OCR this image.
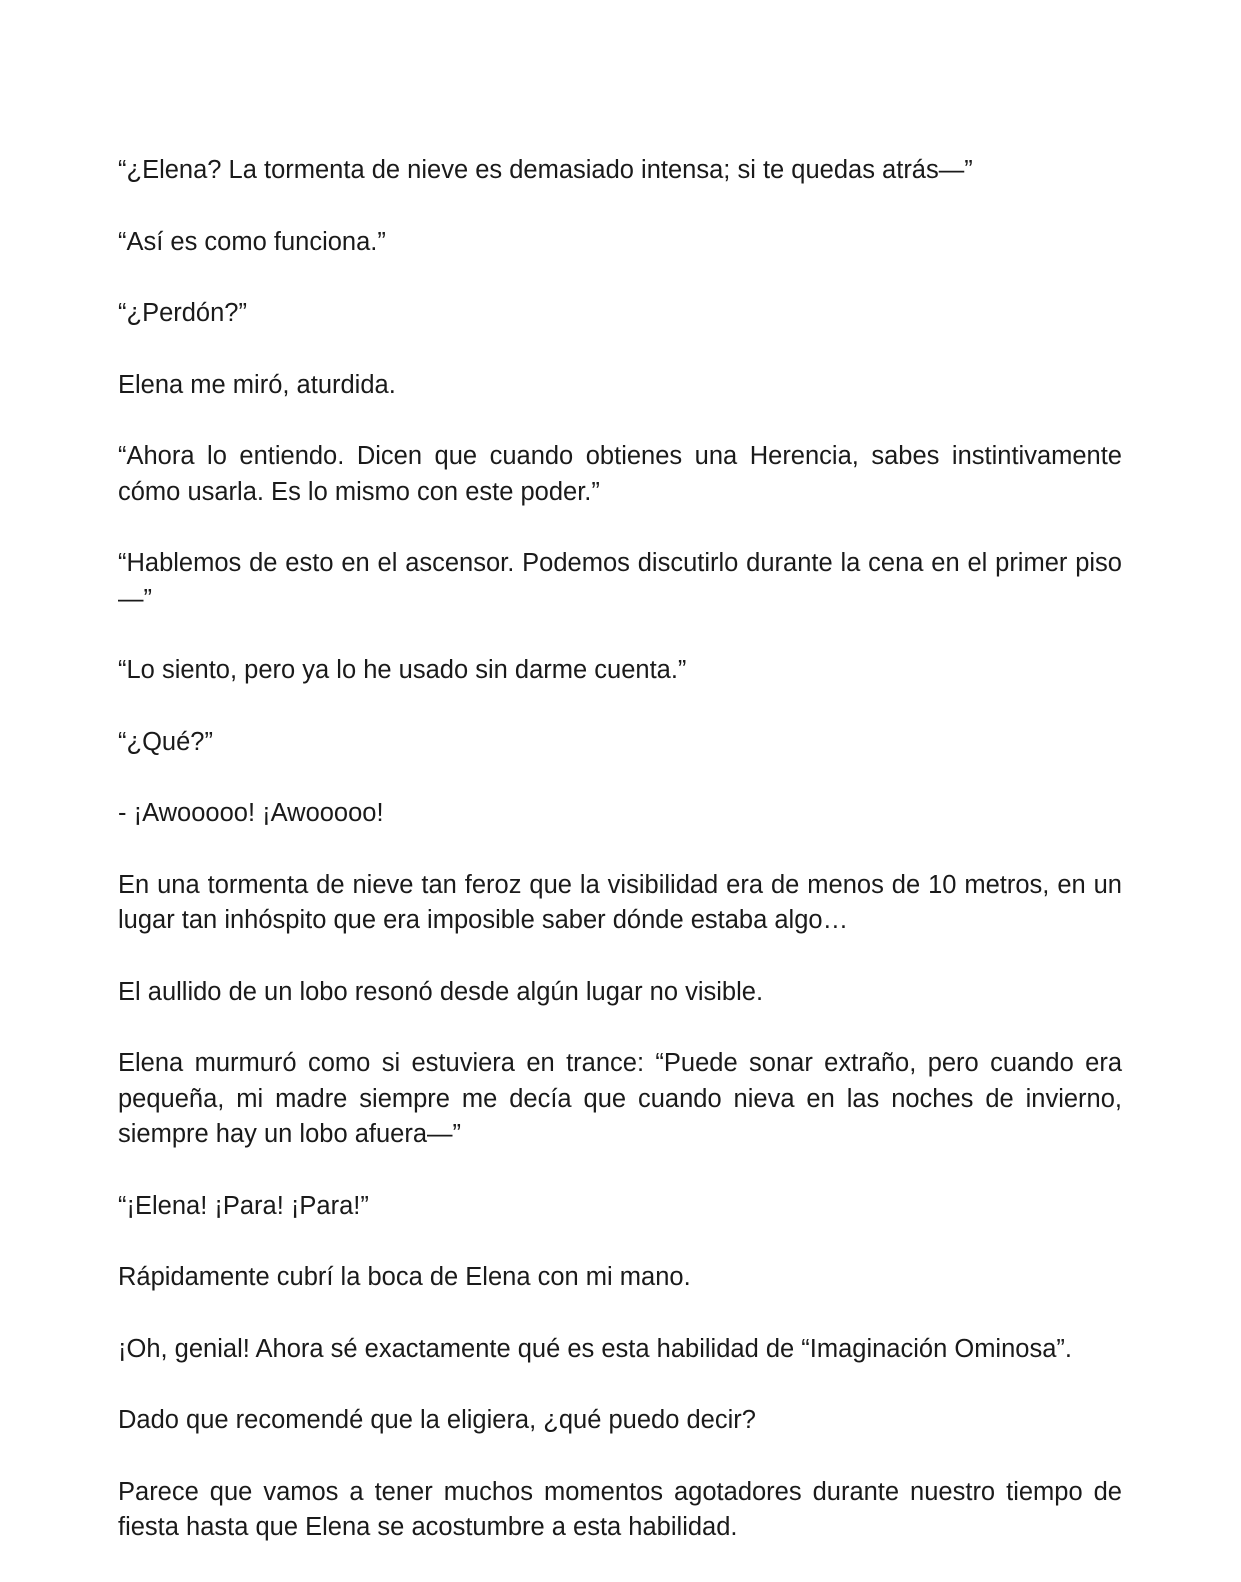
“¿Elena? La tormenta de nieve es demasiado intensa; si te quedas atrás—”

“Así es como funciona.”

“¿Perdón?”

Elena me miró, aturdida.

“Ahora lo entiendo. Dicen que cuando obtienes una Herencia, sabes instintivamente cómo usarla. Es lo mismo con este poder.”

“Hablemos de esto en el ascensor. Podemos discutirlo durante la cena en el primer piso—”

“Lo siento, pero ya lo he usado sin darme cuenta.”

“¿Qué?”

- ¡Awooooo! ¡Awooooo!

En una tormenta de nieve tan feroz que la visibilidad era de menos de 10 metros, en un lugar tan inhóspito que era imposible saber dónde estaba algo…

El aullido de un lobo resonó desde algún lugar no visible.

Elena murmuró como si estuviera en trance: “Puede sonar extraño, pero cuando era pequeña, mi madre siempre me decía que cuando nieva en las noches de invierno, siempre hay un lobo afuera—”

“¡Elena! ¡Para! ¡Para!”

Rápidamente cubrí la boca de Elena con mi mano.

¡Oh, genial! Ahora sé exactamente qué es esta habilidad de “Imaginación Ominosa”.

Dado que recomendé que la eligiera, ¿qué puedo decir?

Parece que vamos a tener muchos momentos agotadores durante nuestro tiempo de fiesta hasta que Elena se acostumbre a esta habilidad.
